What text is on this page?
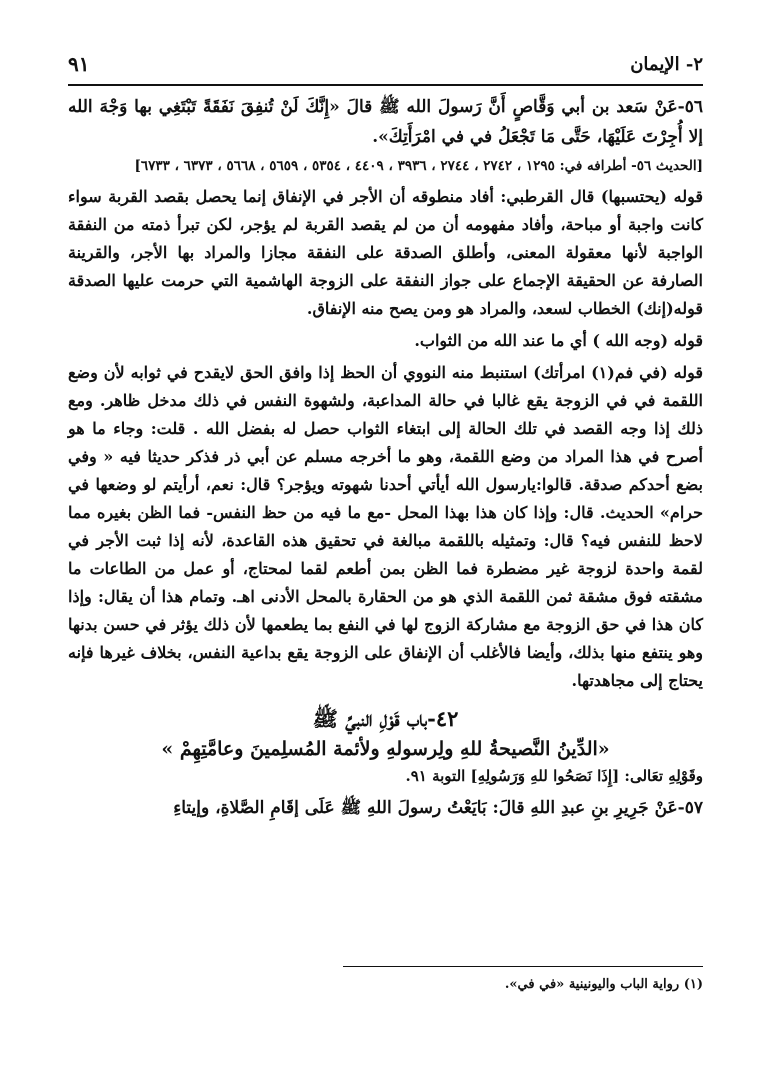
٢- الإيمان
٩١

٥٦-عَنْ سَعد بن أبي وَقَّاصٍ أَنَّ رَسولَ الله ﷺ قالَ «إِنَّكَ لَنْ تُنفِقَ نَفَقَةً تَبْتَغِي بها وَجْهَ الله إلا أُجِرْتَ عَلَيْهَا، حَتَّى مَا تَجْعَلُ في في امْرَأَتِكَ».

[الحديث ٥٦- أطرافه في: ١٢٩٥ ، ٢٧٤٢ ، ٢٧٤٤ ، ٣٩٣٦ ، ٤٤٠٩ ، ٥٣٥٤ ، ٥٦٥٩ ، ٥٦٦٨ ، ٦٣٧٣ ، ٦٧٣٣]

قوله(يحتسبها) قال القرطبي: أفاد منطوقه أن الأجر في الإنفاق إنما يحصل بقصد القربة سواء كانت واجبة أو مباحة، وأفاد مفهومه أن من لم يقصد القربة لم يؤجر، لكن تبرأ ذمته من النفقة الواجبة لأنها معقولة المعنى، وأطلق الصدقة على النفقة مجازا والمراد بها الأجر، والقرينة الصارفة عن الحقيقة الإجماع على جواز النفقة على الزوجة الهاشمية التي حرمت عليها الصدقة قوله(إنك) الخطاب لسعد، والمراد هو ومن يصح منه الإنفاق.

قوله(وجه الله ) أي ما عند الله من الثواب.

قوله(في فم(١) امرأتك) استنبط منه النووي أن الحظ إذا وافق الحق لايقدح في ثوابه لأن وضع اللقمة في في الزوجة يقع غالبا في حالة المداعبة، ولشهوة النفس في ذلك مدخل ظاهر. ومع ذلك إذا وجه القصد في تلك الحالة إلى ابتغاء الثواب حصل له بفضل الله . قلت: وجاء ما هو أصرح في هذا المراد من وضع اللقمة، وهو ما أخرجه مسلم عن أبي ذر فذكر حديثا فيه « وفي بضع أحدكم صدقة. قالوا:يارسول الله أيأتي أحدنا شهوته ويؤجر؟ قال: نعم، أرأيتم لو وضعها في حرام» الحديث. قال: وإذا كان هذا بهذا المحل -مع ما فيه من حظ النفس- فما الظن بغيره مما لاحظ للنفس فيه؟ قال: وتمثيله باللقمة مبالغة في تحقيق هذه القاعدة، لأنه إذا ثبت الأجر في لقمة واحدة لزوجة غير مضطرة فما الظن بمن أطعم لقما لمحتاج، أو عمل من الطاعات ما مشقته فوق مشقة ثمن اللقمة الذي هو من الحقارة بالمحل الأدنى اهـ. وتمام هذا أن يقال: وإذا كان هذا في حق الزوجة مع مشاركة الزوج لها في النفع بما يطعمها لأن ذلك يؤثر في حسن بدنها وهو ينتفع منها بذلك، وأيضا فالأغلب أن الإنفاق على الزوجة يقع بداعية النفس، بخلاف غيرها فإنه يحتاج إلى مجاهدتها.

٤٢-باب قَوْلِ النبيِّ ﷺ
«الدِّينُ النَّصيحةُ للهِ ولِرسولهِ ولأئمة المُسلِمينَ وعامَّتِهِمْ »

وقَوْلِهِ تعَالى: [إِذَا نَصَحُوا للهِ وَرَسُولِهِ] التوبة ٩١.

٥٧-عَنْ جَرِيرِ بنِ عبدِ اللهِ قالَ: بَايَعْتُ رسولَ اللهِ ﷺ عَلَى إقَامِ الصَّلاةِ، وإيتاءِ

(١) رواية الباب واليونينية «في في».
